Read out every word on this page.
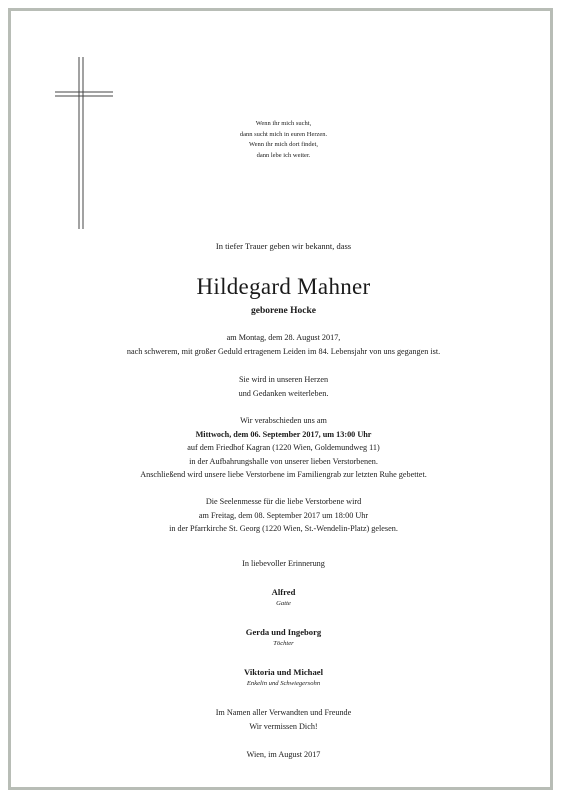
Wenn ihr mich sucht,
dann sucht mich in euren Herzen.
Wenn ihr mich dort findet,
dann lebe ich weiter.
In tiefer Trauer geben wir bekannt, dass
Hildegard Mahner
geborene Hocke
am Montag, dem 28. August 2017,
nach schwerem, mit großer Geduld ertragenem Leiden im 84. Lebensjahr von uns gegangen ist.
Sie wird in unseren Herzen
und Gedanken weiterleben.
Wir verabschieden uns am
Mittwoch, dem 06. September 2017, um 13:00 Uhr
auf dem Friedhof Kagran (1220 Wien, Goldemundweg 11)
in der Aufbahrungshalle von unserer lieben Verstorbenen.
Anschließend wird unsere liebe Verstorbene im Familiengrab zur letzten Ruhe gebettet.
Die Seelenmesse für die liebe Verstorbene wird
am Freitag, dem 08. September 2017 um 18:00 Uhr
in der Pfarrkirche St. Georg (1220 Wien, St.-Wendelin-Platz) gelesen.
In liebevoller Erinnerung
Alfred
Gatte
Gerda und Ingeborg
Töchter
Viktoria und Michael
Enkelin und Schwiegersohn
Im Namen aller Verwandten und Freunde
Wir vermissen Dich!
Wien, im August 2017
